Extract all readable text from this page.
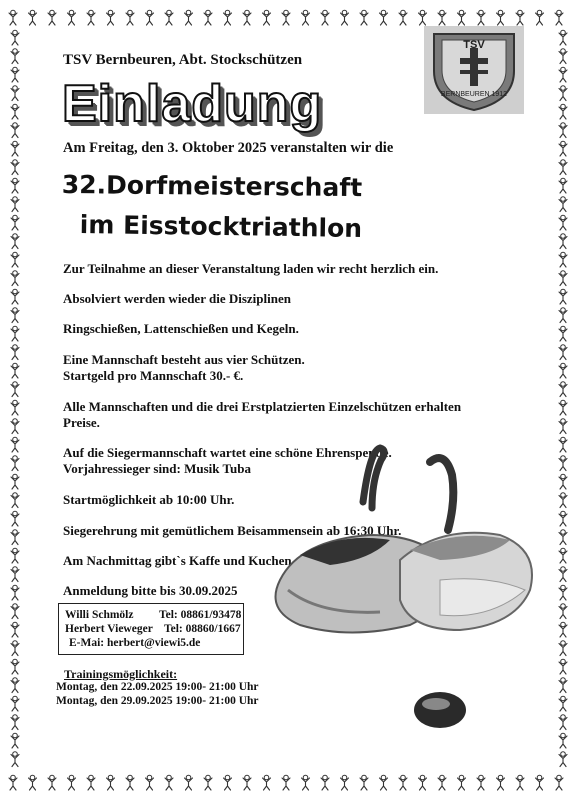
TSV Bernbeuren, Abt. Stockschützen
TSV
BERNBEUREN 1912
Einladung
Am Freitag, den 3. Oktober 2025 veranstalten wir die
32.Dorfmeisterschaft
im Eisstocktriathlon
Zur Teilnahme an dieser Veranstaltung laden wir recht herzlich ein.
Absolviert werden wieder die Disziplinen
Ringschießen, Lattenschießen und Kegeln.
Eine Mannschaft besteht aus vier Schützen.
Startgeld pro Mannschaft 30.- €.
Alle Mannschaften und die drei Erstplatzierten Einzelschützen erhalten
Preise.
Auf die Siegermannschaft wartet eine schöne Ehrenspende.
Vorjahressieger sind: Musik Tuba
Startmöglichkeit ab 10:00 Uhr.
Siegerehrung mit gemütlichem Beisammensein ab 16:30 Uhr.
Am Nachmittag gibt`s Kaffe und Kuchen
Anmeldung bitte bis 30.09.2025
Willi Schmölz Tel: 08861/93478
Herbert Vieweger Tel: 08860/1667
E-Mai: herbert@viewi5.de
Trainingsmöglichkeit:
Montag, den 22.09.2025 19:00- 21:00 Uhr
Montag, den 29.09.2025 19:00- 21:00 Uhr
